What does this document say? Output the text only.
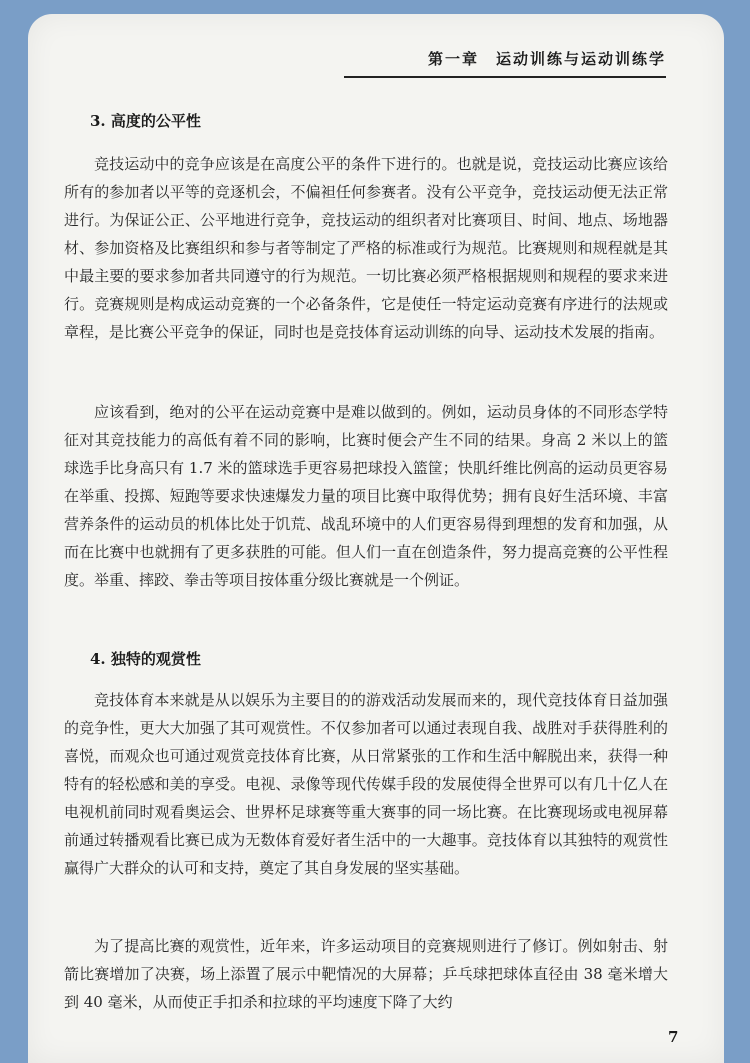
第一章　运动训练与运动训练学
3. 高度的公平性

竞技运动中的竞争应该是在高度公平的条件下进行的。也就是说，竞技运动比赛应该给所有的参加者以平等的竞逐机会，不偏袒任何参赛者。没有公平竞争，竞技运动便无法正常进行。为保证公正、公平地进行竞争，竞技运动的组织者对比赛项目、时间、地点、场地器材、参加资格及比赛组织和参与者等制定了严格的标准或行为规范。比赛规则和规程就是其中最主要的要求参加者共同遵守的行为规范。一切比赛必须严格根据规则和规程的要求来进行。竞赛规则是构成运动竞赛的一个必备条件，它是使任一特定运动竞赛有序进行的法规或章程，是比赛公平竞争的保证，同时也是竞技体育运动训练的向导、运动技术发展的指南。

应该看到，绝对的公平在运动竞赛中是难以做到的。例如，运动员身体的不同形态学特征对其竞技能力的高低有着不同的影响，比赛时便会产生不同的结果。身高 2 米以上的篮球选手比身高只有 1.7 米的篮球选手更容易把球投入篮筐；快肌纤维比例高的运动员更容易在举重、投掷、短跑等要求快速爆发力量的项目比赛中取得优势；拥有良好生活环境、丰富营养条件的运动员的机体比处于饥荒、战乱环境中的人们更容易得到理想的发育和加强，从而在比赛中也就拥有了更多获胜的可能。但人们一直在创造条件，努力提高竞赛的公平性程度。举重、摔跤、拳击等项目按体重分级比赛就是一个例证。

4. 独特的观赏性

竞技体育本来就是从以娱乐为主要目的的游戏活动发展而来的，现代竞技体育日益加强的竞争性，更大大加强了其可观赏性。不仅参加者可以通过表现自我、战胜对手获得胜利的喜悦，而观众也可通过观赏竞技体育比赛，从日常紧张的工作和生活中解脱出来，获得一种特有的轻松感和美的享受。电视、录像等现代传媒手段的发展使得全世界可以有几十亿人在电视机前同时观看奥运会、世界杯足球赛等重大赛事的同一场比赛。在比赛现场或电视屏幕前通过转播观看比赛已成为无数体育爱好者生活中的一大趣事。竞技体育以其独特的观赏性赢得广大群众的认可和支持，奠定了其自身发展的坚实基础。

为了提高比赛的观赏性，近年来，许多运动项目的竞赛规则进行了修订。例如射击、射箭比赛增加了决赛，场上添置了展示中靶情况的大屏幕；乒乓球把球体直径由 38 毫米增大到 40 毫米，从而使正手扣杀和拉球的平均速度下降了大约

7
